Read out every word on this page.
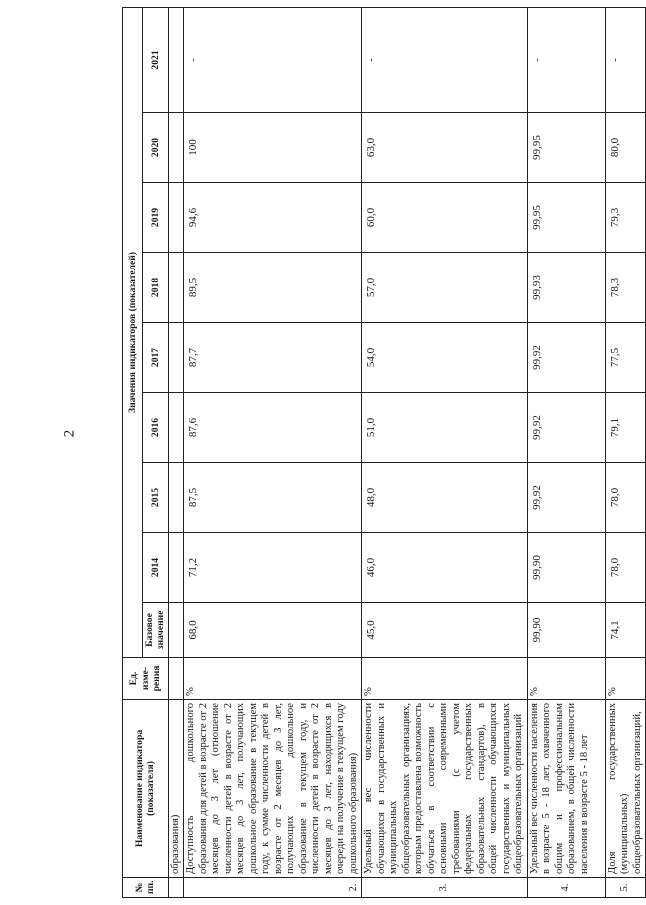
2
№ пп.	Наименование индикатора (показателя)	Ед. изме-рения	Значения индикаторов (показателей)								
			Базовое значение	2014	2015	2016	2017	2018	2019	2020	2021
	образования)										
2.	Доступность дошкольного образования для детей в возрасте от 2 месяцев до 3 лет (отношение численности детей в возрасте от 2 месяцев до 3 лет, получающих дошкольное образование в текущем году, к сумме численности детей в возрасте от 2 месяцев до 3 лет, получающих дошкольное образование в текущем году, и численности детей в возрасте от 2 месяцев до 3 лет, находящихся в очереди на получение в текущем году дошкольного образования)	%	68,0	71,2	87,5	87,6	87,7	89,5	94,6	100	-
3.	Удельный вес численности обучающихся в государственных и муниципальных общеобразовательных организациях, которым предоставлена возможность обучаться в соответствии с основными современными требованиями (с учетом федеральных государственных образовательных стандартов), в общей численности обучающихся государственных и муниципальных общеобразовательных организаций	%	45,0	46,0	48,0	51,0	54,0	57,0	60,0	63,0	-
4.	Удельный вес численности населения в возрасте 5 - 18 лет, охваченного общим и профессиональным образованием, в общей численности населения в возрасте 5 - 18 лет	%	99,90	99,90	99,92	99,92	99,92	99,93	99,95	99,95	-
5.	Доля государственных (муниципальных) общеобразовательных организаций,	%	74,1	78,0	78,0	79,1	77,5	78,3	79,3	80,0	-
